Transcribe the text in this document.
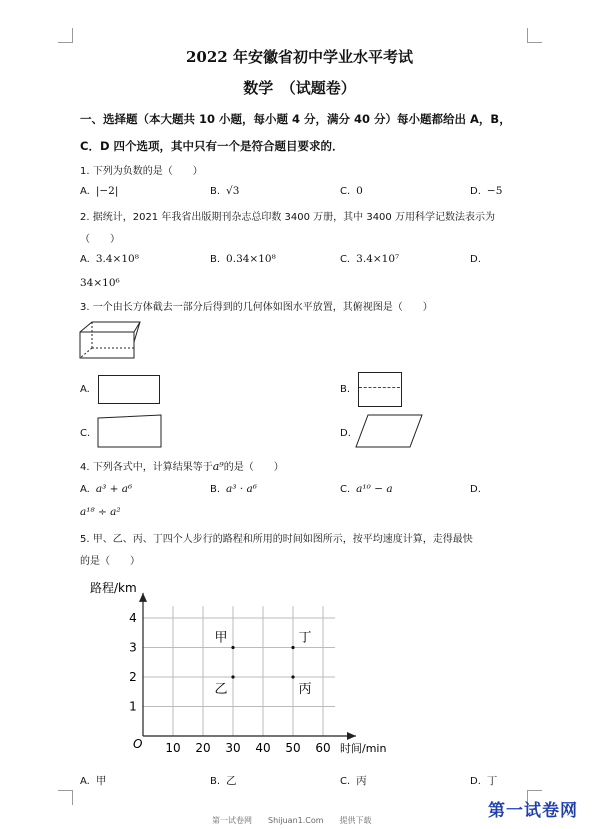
2022 年安徽省初中学业水平考试
数学　（试题卷）
一、选择题（本大题共 10 小题，每小题 4 分，满分 40 分）每小题都给出 A，B，
C．D 四个选项，其中只有一个是符合题目要求的．
1. 下列为负数的是（　　）
A. |−2|	B. √3	C. 0	D. −5
2. 据统计，2021 年我省出版期刊杂志总印数 3400 万册，其中 3400 万用科学记数法表示为
（　　）
A. 3.4×10⁸	B. 0.34×10⁸	C. 3.4×10⁷	D.
34×10⁶
3. 一个由长方体截去一部分后得到的几何体如图水平放置，其俯视图是（　　）
A.	B.
C.	D.
4. 下列各式中，计算结果等于a⁹的是（　　）
A. a³ + a⁶	B. a³ · a⁶	C. a¹⁰ − a	D.
a¹⁸ ÷ a²
5. 甲、乙、丙、丁四个人步行的路程和所用的时间如图所示，按平均速度计算，走得最快
的是（　　）
10 20 30 40 50 60
1
2
3
4
甲	丁
乙	丙
路程/km
时间/min
O
A. 甲	B. 乙	C. 丙	D. 丁
第一试卷网　　Shijuan1.Com　　提供下载	第一试卷网
